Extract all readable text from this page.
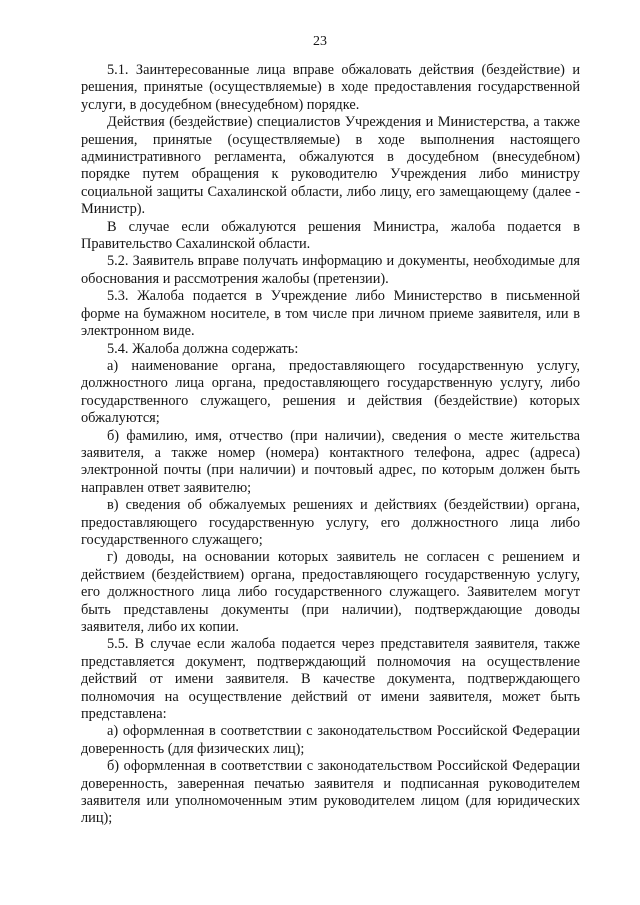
23

5.1. Заинтересованные лица вправе обжаловать действия (бездействие) и решения, принятые (осуществляемые) в ходе предоставления государственной услуги, в досудебном (внесудебном) порядке.

Действия (бездействие) специалистов Учреждения и Министерства, а также решения, принятые (осуществляемые) в ходе выполнения настоящего административного регламента, обжалуются в досудебном (внесудебном) порядке путем обращения к руководителю Учреждения либо министру социальной защиты Сахалинской области, либо лицу, его замещающему (далее - Министр).

В случае если обжалуются решения Министра, жалоба подается в Правительство Сахалинской области.

5.2. Заявитель вправе получать информацию и документы, необходимые для обоснования и рассмотрения жалобы (претензии).

5.3. Жалоба подается в Учреждение либо Министерство в письменной форме на бумажном носителе, в том числе при личном приеме заявителя, или в электронном виде.

5.4. Жалоба должна содержать:

а) наименование органа, предоставляющего государственную услугу, должностного лица органа, предоставляющего государственную услугу, либо государственного служащего, решения и действия (бездействие) которых обжалуются;

б) фамилию, имя, отчество (при наличии), сведения о месте жительства заявителя, а также номер (номера) контактного телефона, адрес (адреса) электронной почты (при наличии) и почтовый адрес, по которым должен быть направлен ответ заявителю;

в) сведения об обжалуемых решениях и действиях (бездействии) органа, предоставляющего государственную услугу, его должностного лица либо государственного служащего;

г) доводы, на основании которых заявитель не согласен с решением и действием (бездействием) органа, предоставляющего государственную услугу, его должностного лица либо государственного служащего. Заявителем могут быть представлены документы (при наличии), подтверждающие доводы заявителя, либо их копии.

5.5. В случае если жалоба подается через представителя заявителя, также представляется документ, подтверждающий полномочия на осуществление действий от имени заявителя. В качестве документа, подтверждающего полномочия на осуществление действий от имени заявителя, может быть представлена:

а) оформленная в соответствии с законодательством Российской Федерации доверенность (для физических лиц);

б) оформленная в соответствии с законодательством Российской Федерации доверенность, заверенная печатью заявителя и подписанная руководителем заявителя или уполномоченным этим руководителем лицом (для юридических лиц);
